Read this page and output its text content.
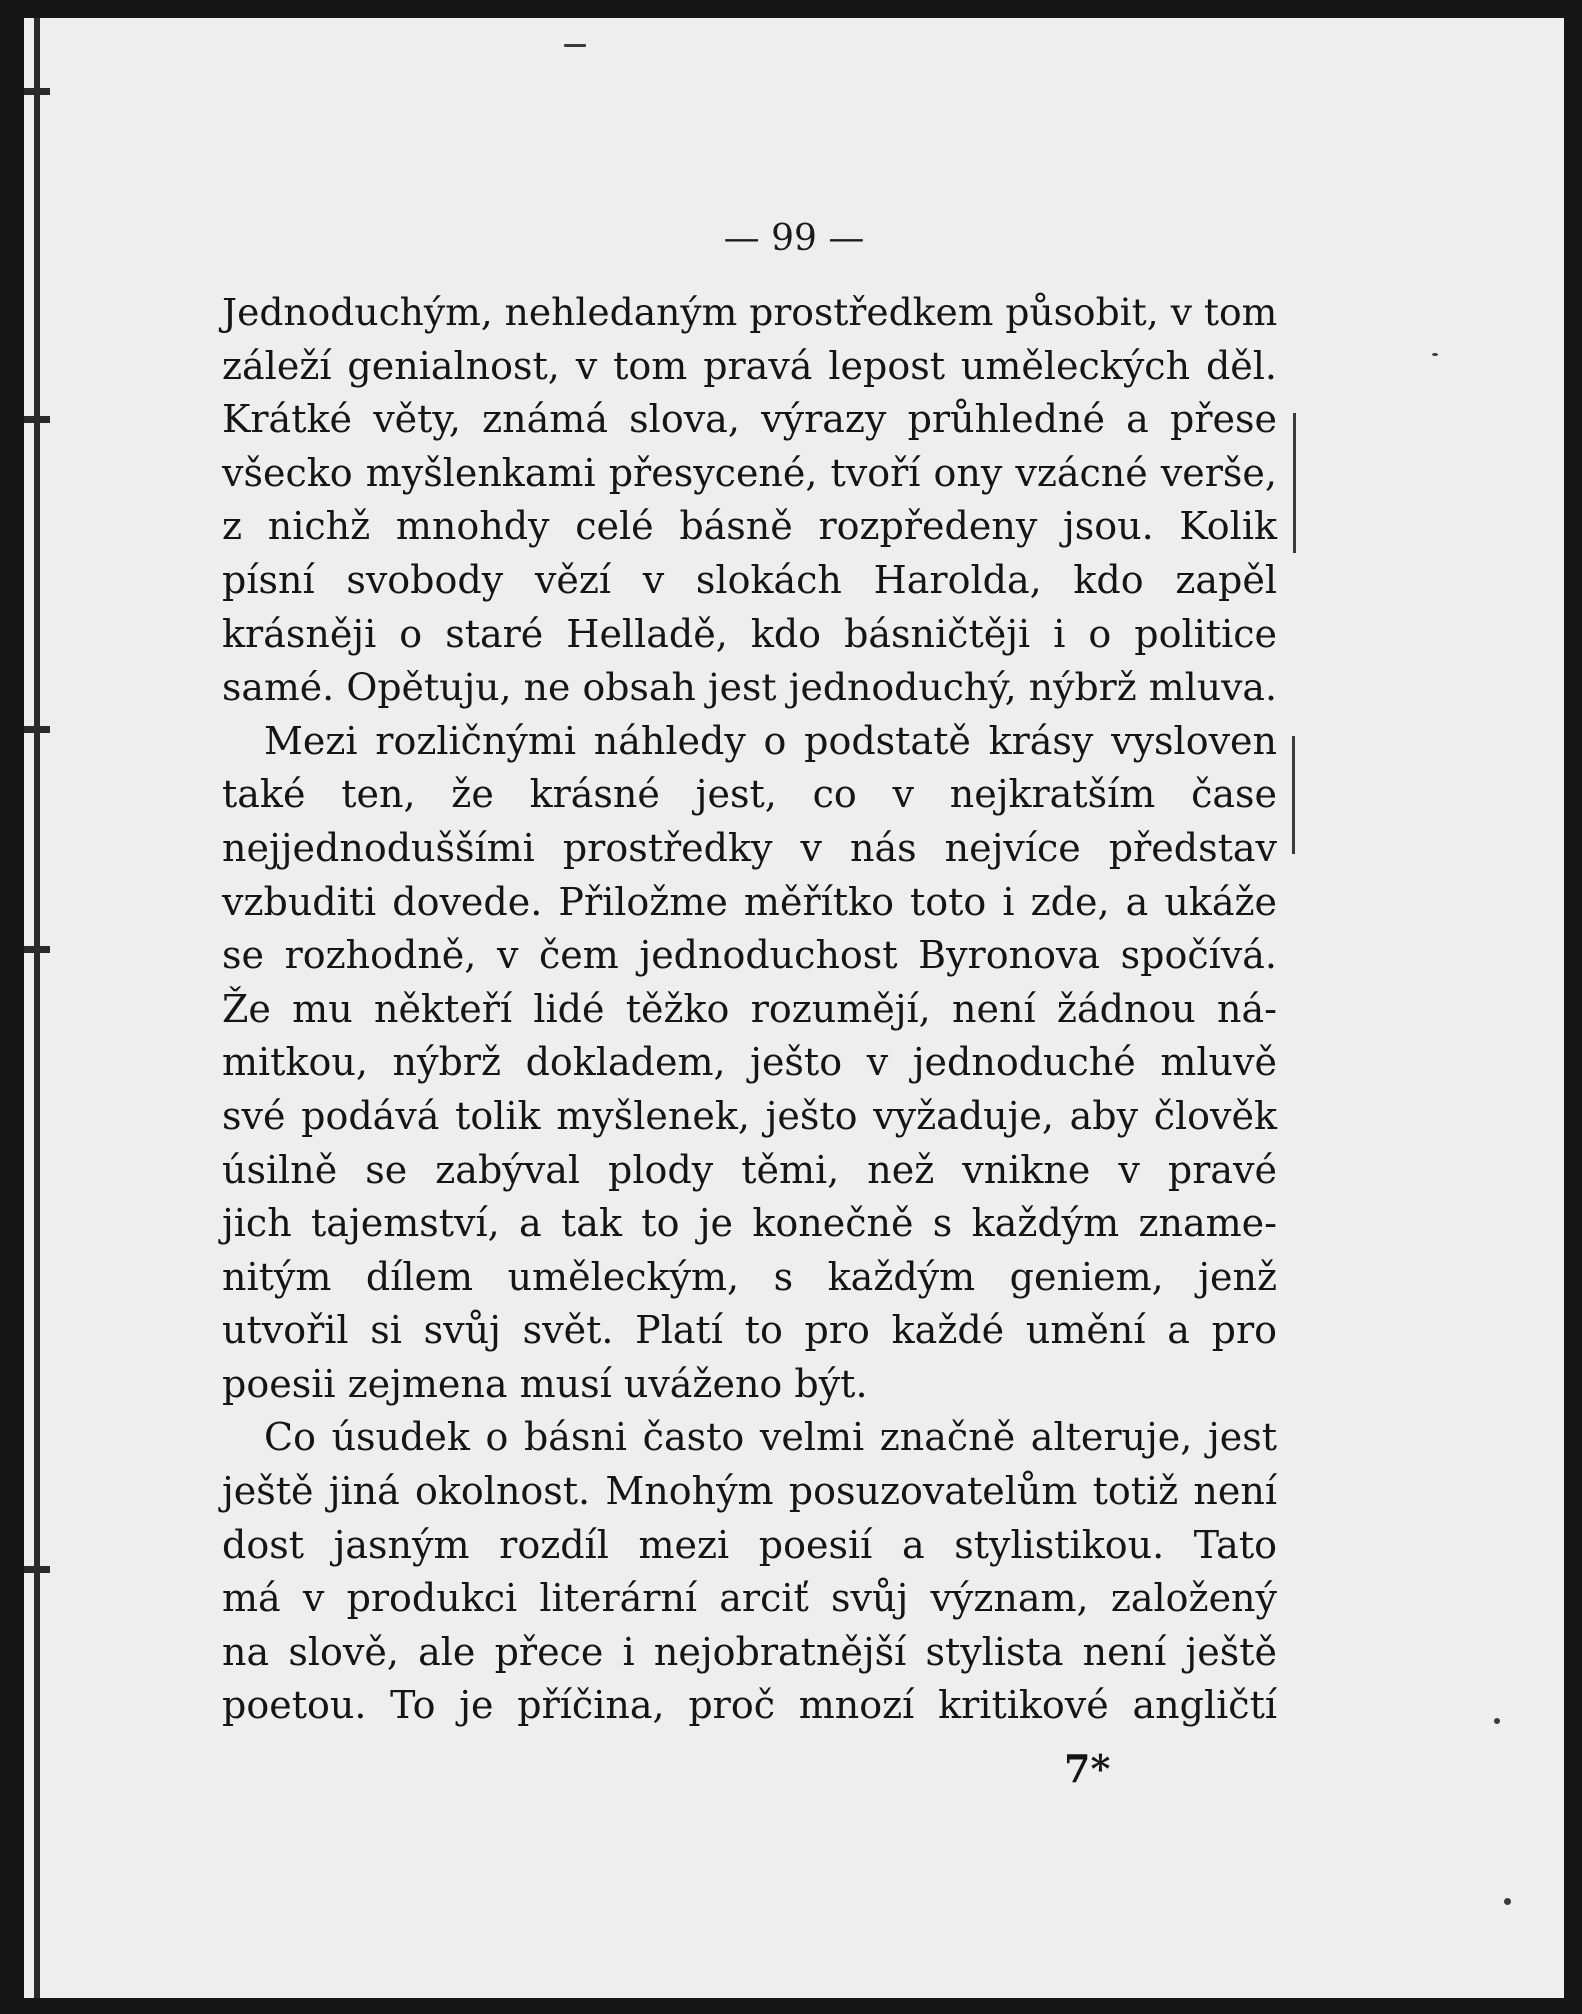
— 99 —
Jednoduchým, nehledaným prostředkem působit, v tom
záleží genialnost, v tom pravá lepost uměleckých děl.
Krátké věty, známá slova, výrazy průhledné a přese
všecko myšlenkami přesycené, tvoří ony vzácné verše,
z nichž mnohdy celé básně rozpředeny jsou. Kolik
písní svobody vězí v slokách Harolda, kdo zapěl
krásněji o staré Helladě, kdo básničtěji i o politice
samé. Opětuju, ne obsah jest jednoduchý, nýbrž mluva.
Mezi rozličnými náhledy o podstatě krásy vysloven
také ten, že krásné jest, co v nejkratším čase
nejjednoduššími prostředky v nás nejvíce představ
vzbuditi dovede. Přiložme měřítko toto i zde, a ukáže
se rozhodně, v čem jednoduchost Byronova spočívá.
Že mu někteří lidé těžko rozumějí, není žádnou ná-
mitkou, nýbrž dokladem, ješto v jednoduché mluvě
své podává tolik myšlenek, ješto vyžaduje, aby člověk
úsilně se zabýval plody těmi, než vnikne v pravé
jich tajemství, a tak to je konečně s každým zname-
nitým dílem uměleckým, s každým geniem, jenž
utvořil si svůj svět. Platí to pro každé umění a pro
poesii zejmena musí uváženo být.
Co úsudek o básni často velmi značně alteruje, jest
ještě jiná okolnost. Mnohým posuzovatelům totiž není
dost jasným rozdíl mezi poesií a stylistikou. Tato
má v produkci literární arciť svůj význam, založený
na slově, ale přece i nejobratnější stylista není ještě
poetou. To je příčina, proč mnozí kritikové angličtí
7*
